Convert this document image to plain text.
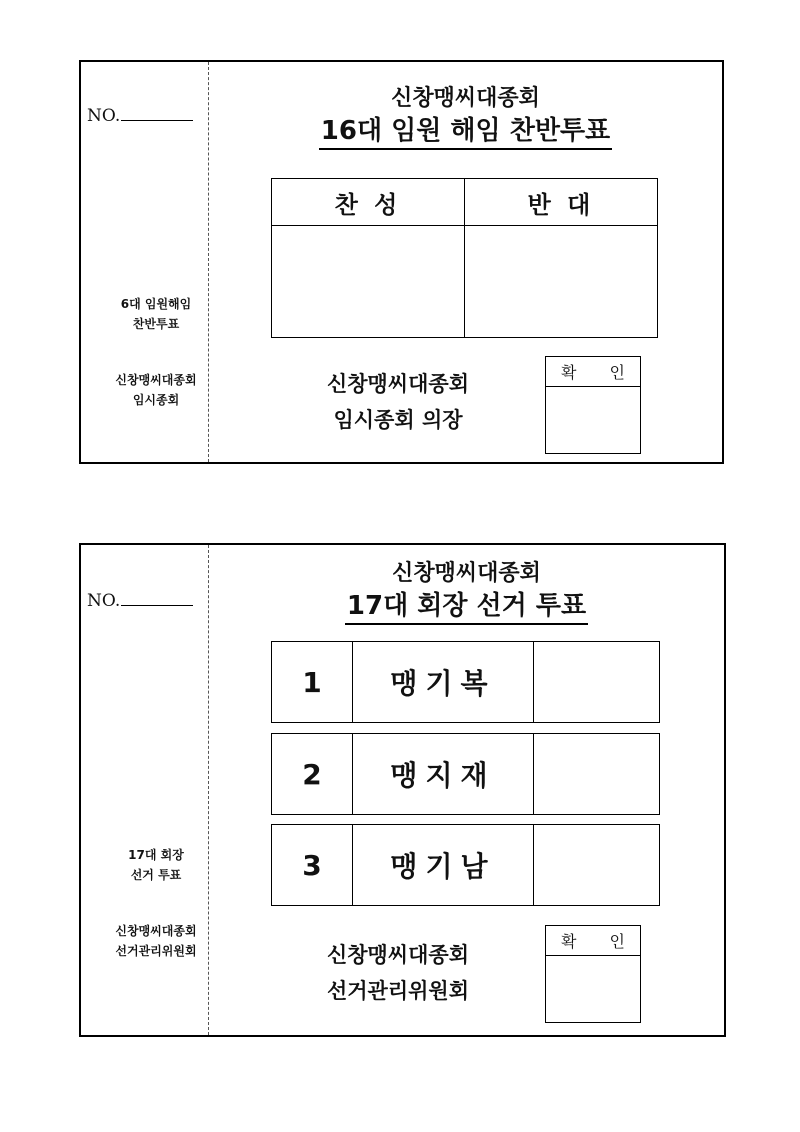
NO.
6대 임원해임
찬반투표
신창맹씨대종회
임시종회
신창맹씨대종회
16대 임원 해임 찬반투표
찬 성	반 대
신창맹씨대종회
임시종회 의장
확 인
NO.
17대 회장
선거 투표
신창맹씨대종회
선거관리위원회
신창맹씨대종회
17대 회장 선거 투표
1	맹기복
2	맹지재
3	맹기남
신창맹씨대종회
선거관리위원회
확 인
